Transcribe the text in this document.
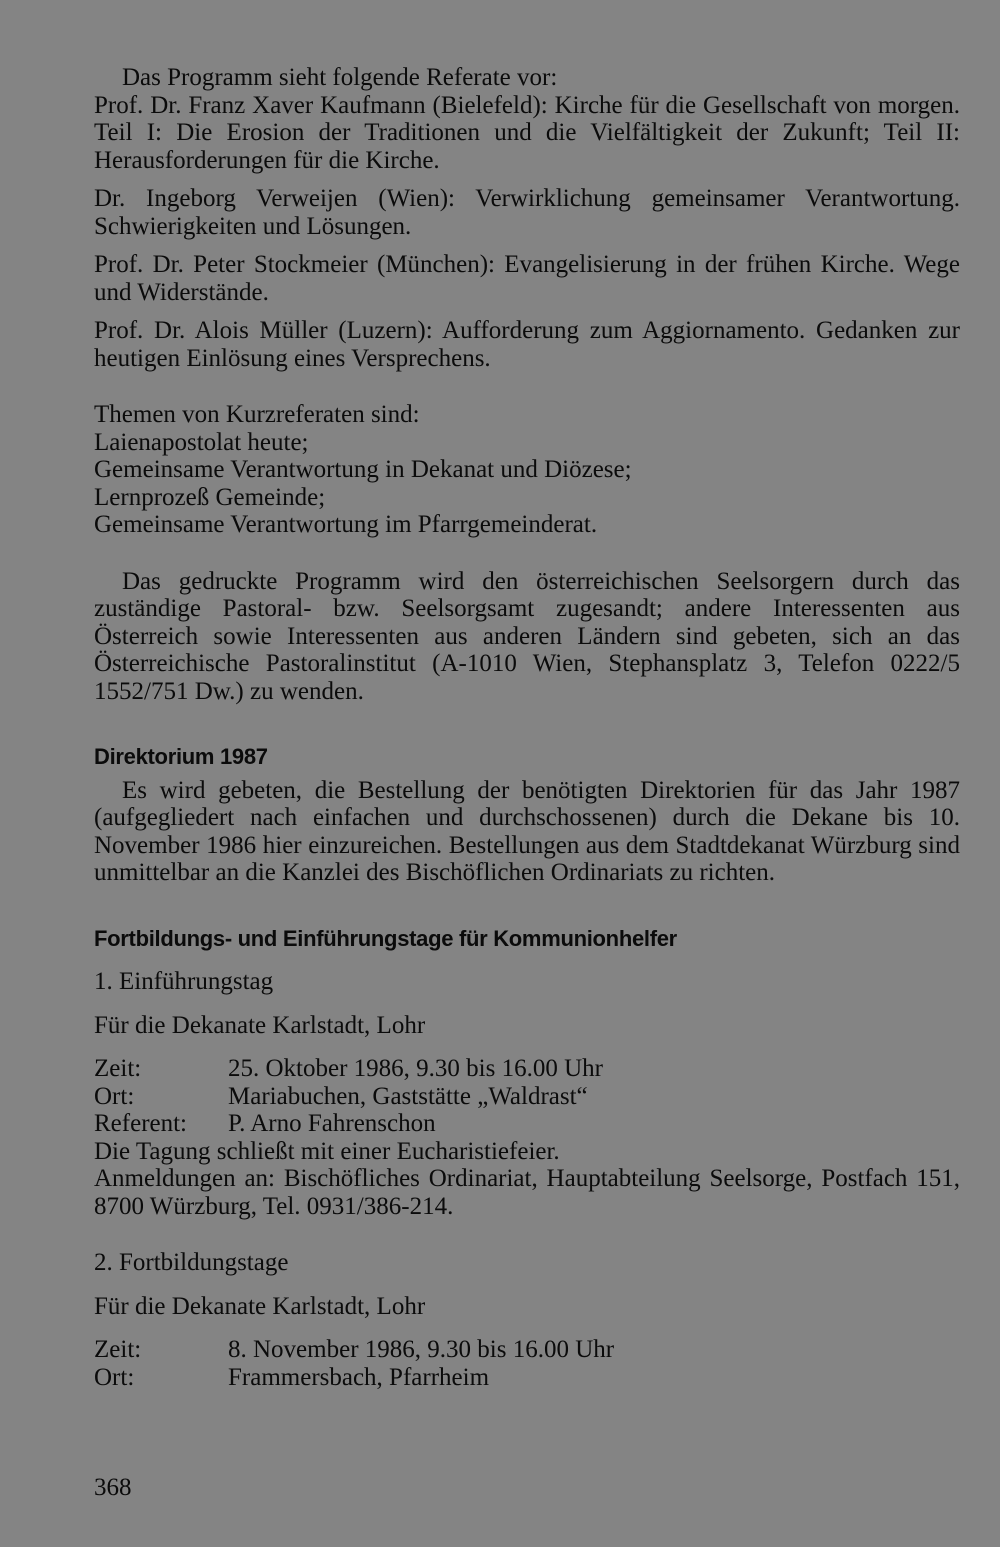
Das Programm sieht folgende Referate vor:

Prof. Dr. Franz Xaver Kaufmann (Bielefeld): Kirche für die Gesellschaft von morgen. Teil I: Die Erosion der Traditionen und die Vielfältigkeit der Zukunft; Teil II: Herausforderungen für die Kirche.

Dr. Ingeborg Verweijen (Wien): Verwirklichung gemeinsamer Verantwortung. Schwierigkeiten und Lösungen.

Prof. Dr. Peter Stockmeier (München): Evangelisierung in der frühen Kirche. Wege und Widerstände.

Prof. Dr. Alois Müller (Luzern): Aufforderung zum Aggiornamento. Gedanken zur heutigen Einlösung eines Versprechens.

Themen von Kurzreferaten sind:

Laienapostolat heute;

Gemeinsame Verantwortung in Dekanat und Diözese;

Lernprozeß Gemeinde;

Gemeinsame Verantwortung im Pfarrgemeinderat.

Das gedruckte Programm wird den österreichischen Seelsorgern durch das zuständige Pastoral- bzw. Seelsorgsamt zugesandt; andere Interessenten aus Österreich sowie Interessenten aus anderen Ländern sind gebeten, sich an das Österreichische Pastoralinstitut (A-1010 Wien, Stephansplatz 3, Telefon 0222/5 1552/751 Dw.) zu wenden.

Direktorium 1987

Es wird gebeten, die Bestellung der benötigten Direktorien für das Jahr 1987 (aufgegliedert nach einfachen und durchschossenen) durch die Dekane bis 10. November 1986 hier einzureichen. Bestellungen aus dem Stadtdekanat Würzburg sind unmittelbar an die Kanzlei des Bischöflichen Ordinariats zu richten.

Fortbildungs- und Einführungstage für Kommunionhelfer

1. Einführungstag

Für die Dekanate Karlstadt, Lohr

Zeit:	25. Oktober 1986, 9.30 bis 16.00 Uhr
Ort:	Mariabuchen, Gaststätte „Waldrast“
Referent:	P. Arno Fahrenschon

Die Tagung schließt mit einer Eucharistiefeier.

Anmeldungen an: Bischöfliches Ordinariat, Hauptabteilung Seelsorge, Postfach 151, 8700 Würzburg, Tel. 0931/386-214.

2. Fortbildungstage

Für die Dekanate Karlstadt, Lohr

Zeit:	8. November 1986, 9.30 bis 16.00 Uhr
Ort:	Frammersbach, Pfarrheim
368
